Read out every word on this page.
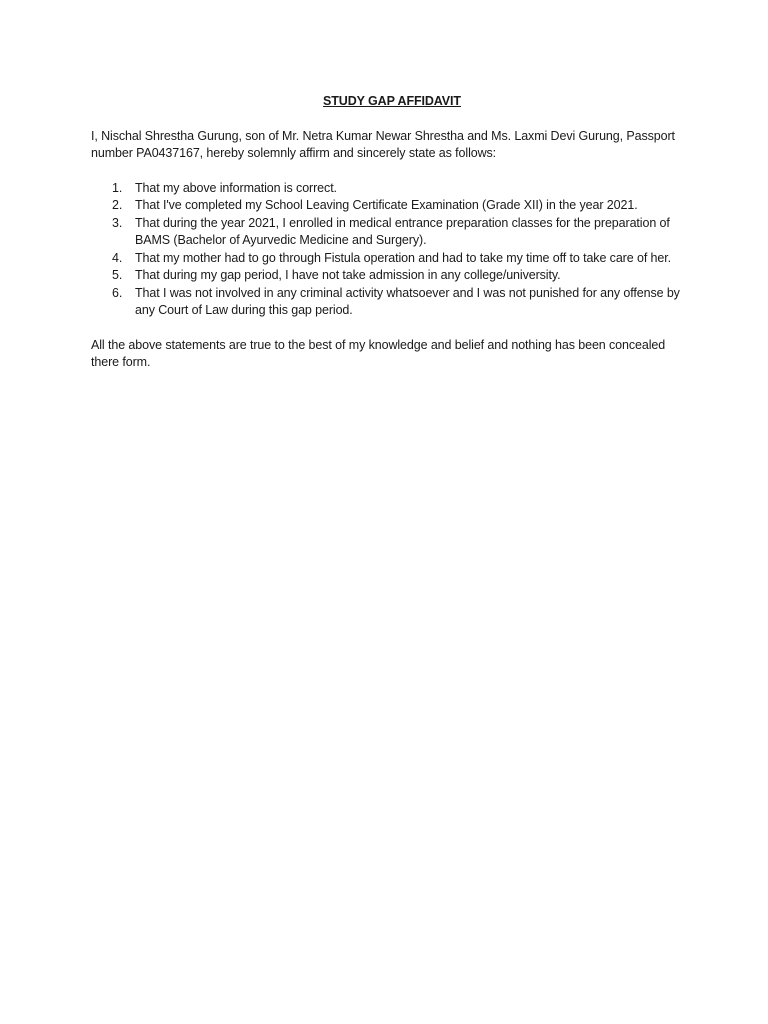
STUDY GAP AFFIDAVIT

I, Nischal Shrestha Gurung, son of Mr. Netra Kumar Newar Shrestha and Ms. Laxmi Devi Gurung, Passport number PA0437167, hereby solemnly affirm and sincerely state as follows:

1. That my above information is correct.
2. That I've completed my School Leaving Certificate Examination (Grade XII) in the year 2021.
3. That during the year 2021, I enrolled in medical entrance preparation classes for the preparation of BAMS (Bachelor of Ayurvedic Medicine and Surgery).
4. That my mother had to go through Fistula operation and had to take my time off to take care of her.
5. That during my gap period, I have not take admission in any college/university.
6. That I was not involved in any criminal activity whatsoever and I was not punished for any offense by any Court of Law during this gap period.

All the above statements are true to the best of my knowledge and belief and nothing has been concealed there form.
